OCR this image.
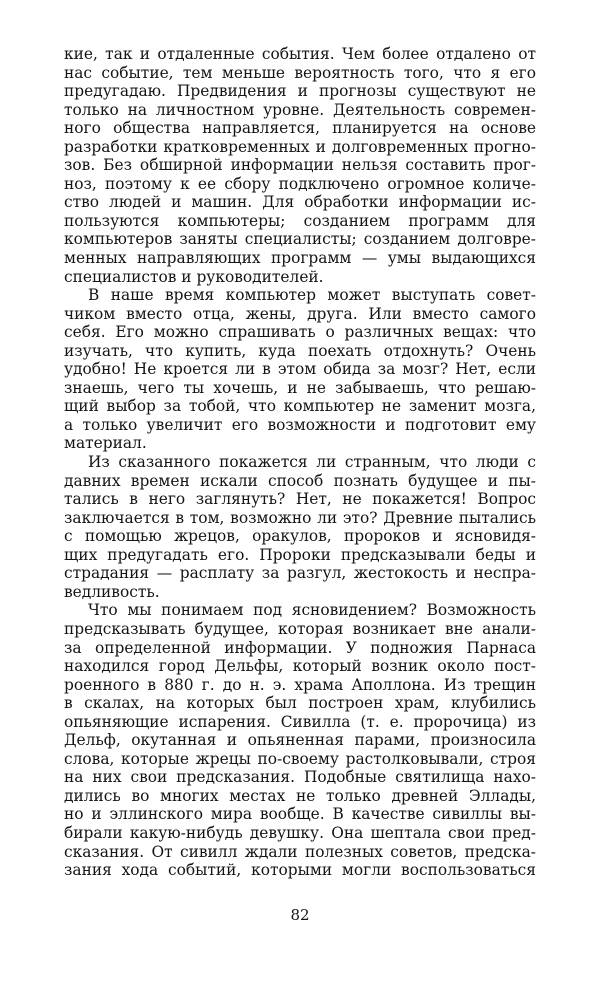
кие, так и отдаленные события. Чем более отдалено от
нас событие, тем меньше вероятность того, что я его
предугадаю. Предвидения и прогнозы существуют не
только на личностном уровне. Деятельность современ-
ного общества направляется, планируется на основе
разработки кратковременных и долговременных прогно-
зов. Без обширной информации нельзя составить прог-
ноз, поэтому к ее сбору подключено огромное количе-
ство людей и машин. Для обработки информации ис-
пользуются компьютеры; созданием программ для
компьютеров заняты специалисты; созданием долговре-
менных направляющих программ — умы выдающихся
специалистов и руководителей.
В наше время компьютер может выступать совет-
чиком вместо отца, жены, друга. Или вместо самого
себя. Его можно спрашивать о различных вещах: что
изучать, что купить, куда поехать отдохнуть? Очень
удобно! Не кроется ли в этом обида за мозг? Нет, если
знаешь, чего ты хочешь, и не забываешь, что решаю-
щий выбор за тобой, что компьютер не заменит мозга,
а только увеличит его возможности и подготовит ему
материал.
Из сказанного покажется ли странным, что люди с
давних времен искали способ познать будущее и пы-
тались в него заглянуть? Нет, не покажется! Вопрос
заключается в том, возможно ли это? Древние пытались
с помощью жрецов, оракулов, пророков и ясновидя-
щих предугадать его. Пророки предсказывали беды и
страдания — расплату за разгул, жестокость и неспра-
ведливость.
Что мы понимаем под ясновидением? Возможность
предсказывать будущее, которая возникает вне анали-
за определенной информации. У подножия Парнаса
находился город Дельфы, который возник около пост-
роенного в 880 г. до н. э. храма Аполлона. Из трещин
в скалах, на которых был построен храм, клубились
опьяняющие испарения. Сивилла (т. е. пророчица) из
Дельф, окутанная и опьяненная парами, произносила
слова, которые жрецы по-своему растолковывали, строя
на них свои предсказания. Подобные святилища нахо-
дились во многих местах не только древней Эллады,
но и эллинского мира вообще. В качестве сивиллы вы-
бирали какую-нибудь девушку. Она шептала свои пред-
сказания. От сивилл ждали полезных советов, предска-
зания хода событий, которыми могли воспользоваться
82
